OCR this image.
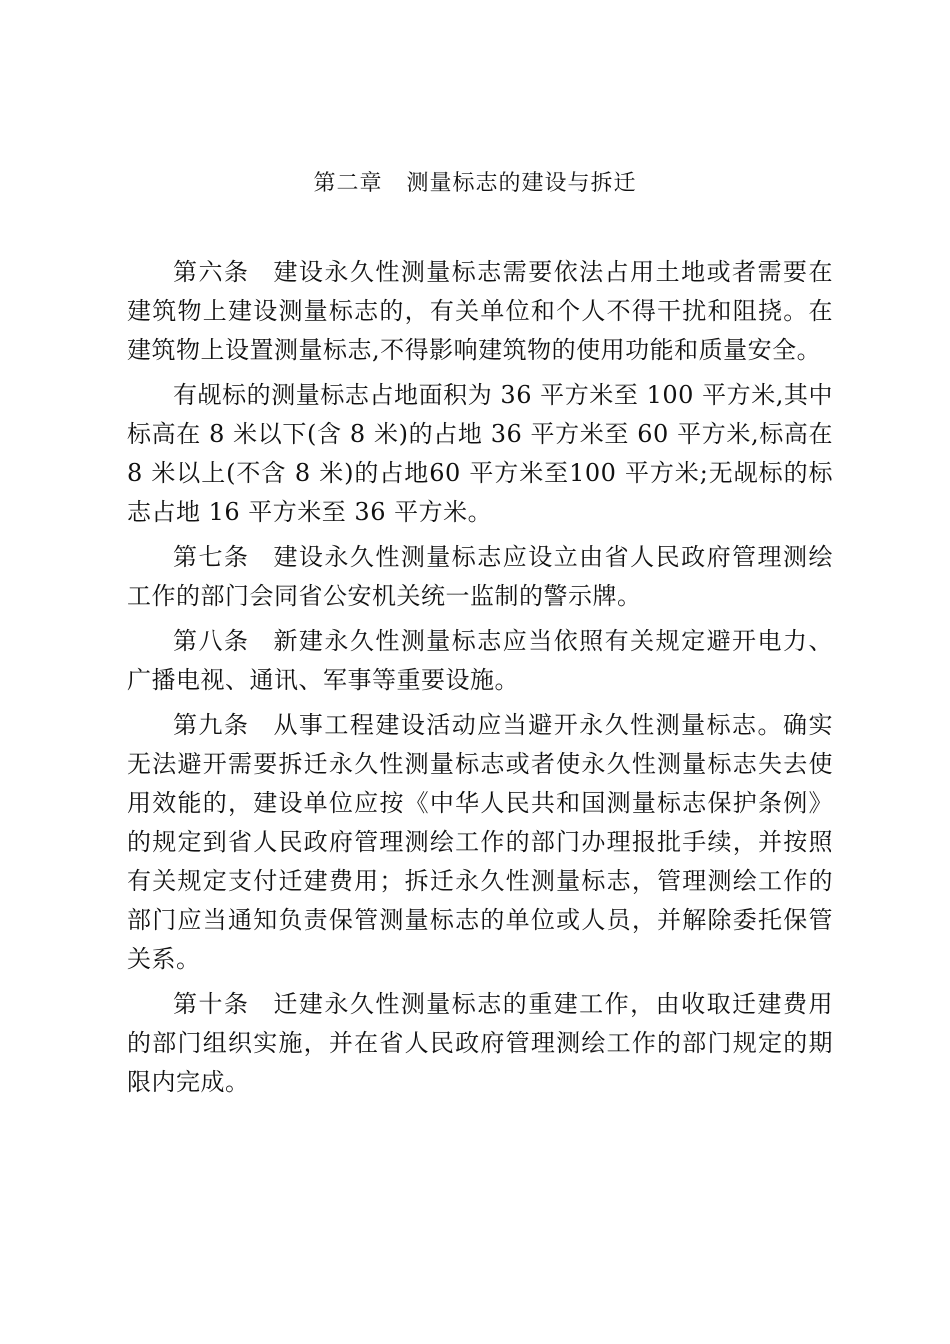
第二章 测量标志的建设与拆迁

第六条 建设永久性测量标志需要依法占用土地或者需要在建筑物上建设测量标志的，有关单位和个人不得干扰和阻挠。在建筑物上设置测量标志,不得影响建筑物的使用功能和质量安全。

有觇标的测量标志占地面积为 36 平方米至 100 平方米,其中标高在 8 米以下(含 8 米)的占地 36 平方米至 60 平方米,标高在 8 米以上(不含 8 米)的占地60 平方米至100 平方米;无觇标的标志占地 16 平方米至 36 平方米。

第七条 建设永久性测量标志应设立由省人民政府管理测绘工作的部门会同省公安机关统一监制的警示牌。

第八条 新建永久性测量标志应当依照有关规定避开电力、广播电视、通讯、军事等重要设施。

第九条 从事工程建设活动应当避开永久性测量标志。确实无法避开需要拆迁永久性测量标志或者使永久性测量标志失去使用效能的，建设单位应按《中华人民共和国测量标志保护条例》的规定到省人民政府管理测绘工作的部门办理报批手续，并按照有关规定支付迁建费用；拆迁永久性测量标志，管理测绘工作的部门应当通知负责保管测量标志的单位或人员，并解除委托保管关系。

第十条 迁建永久性测量标志的重建工作，由收取迁建费用的部门组织实施，并在省人民政府管理测绘工作的部门规定的期限内完成。
